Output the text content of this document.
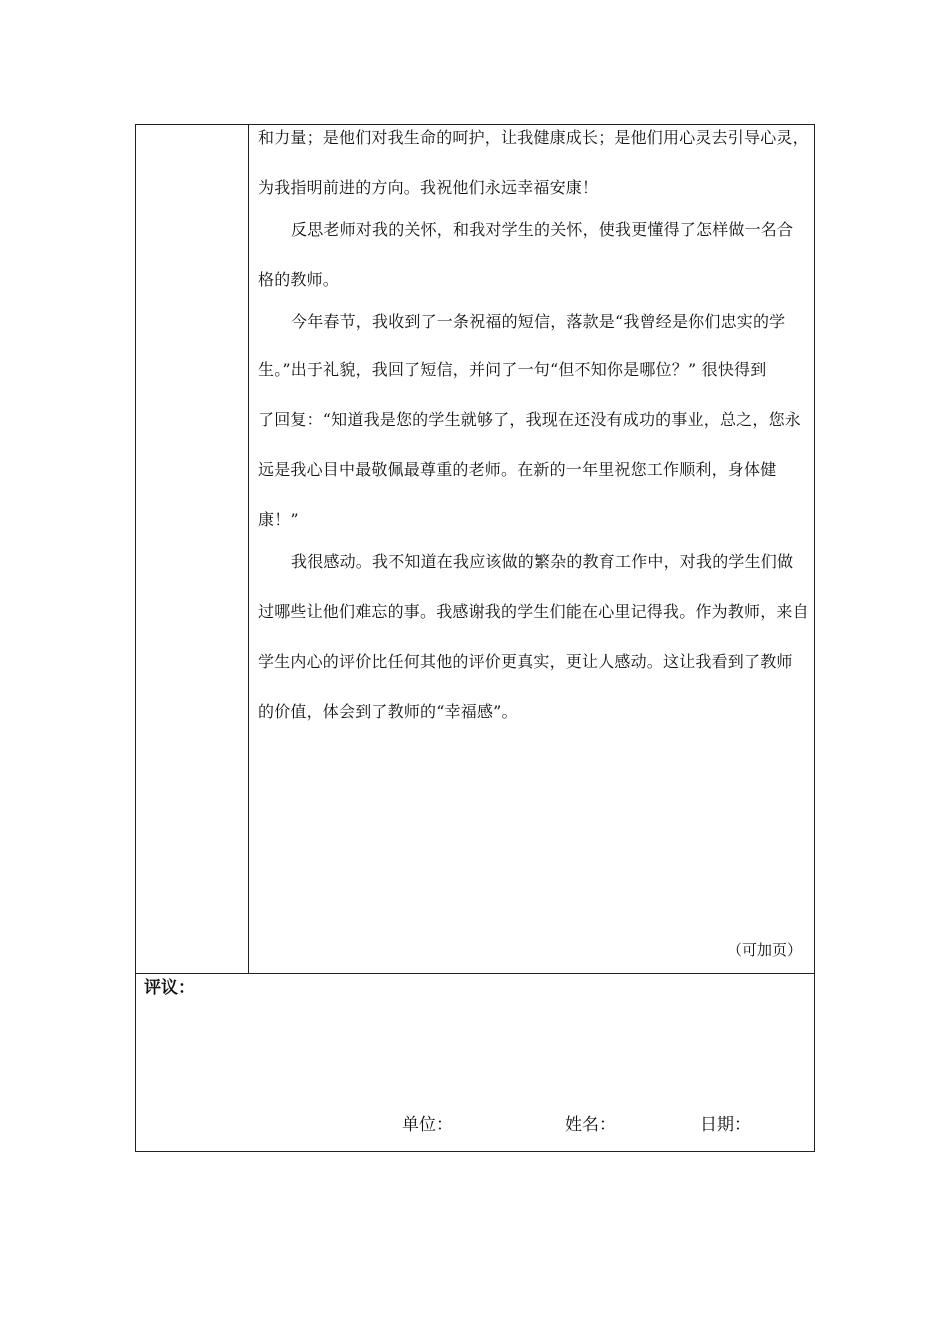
和力量；是他们对我生命的呵护，让我健康成长；是他们用心灵去引导心灵，
为我指明前进的方向。我祝他们永远幸福安康！
反思老师对我的关怀，和我对学生的关怀，使我更懂得了怎样做一名合
格的教师。
今年春节，我收到了一条祝福的短信，落款是“我曾经是你们忠实的学
生。”出于礼貌，我回了短信，并问了一句“但不知你是哪位？” 很快得到
了回复：“知道我是您的学生就够了，我现在还没有成功的事业，总之，您永
远是我心目中最敬佩最尊重的老师。在新的一年里祝您工作顺利，身体健
康！”
我很感动。我不知道在我应该做的繁杂的教育工作中，对我的学生们做
过哪些让他们难忘的事。我感谢我的学生们能在心里记得我。作为教师，来自
学生内心的评价比任何其他的评价更真实，更让人感动。这让我看到了教师
的价值，体会到了教师的“幸福感”。
（可加页）
评议：
单位：	姓名：	日期：
